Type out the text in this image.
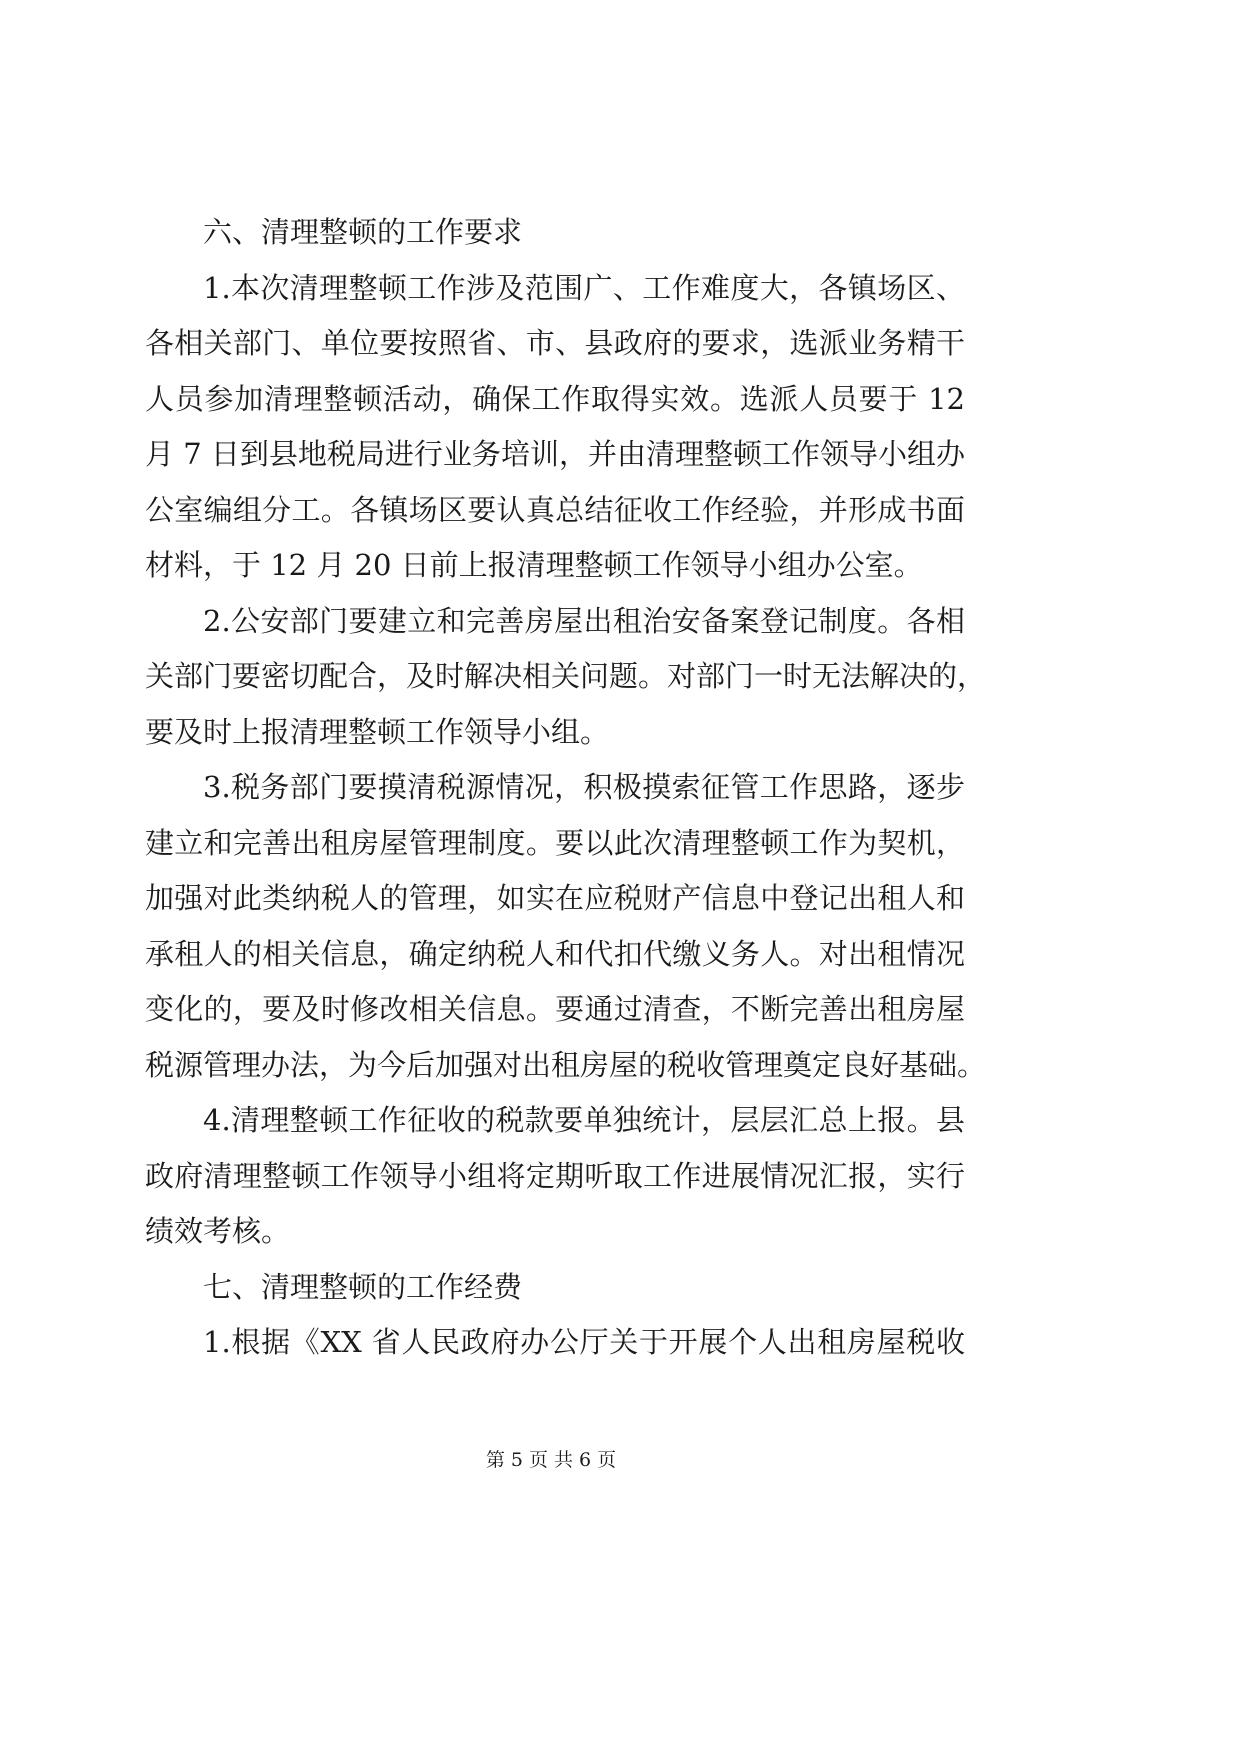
六、清理整顿的工作要求
1.本次清理整顿工作涉及范围广、工作难度大，各镇场区、
各相关部门、单位要按照省、市、县政府的要求，选派业务精干
人员参加清理整顿活动，确保工作取得实效。选派人员要于 12
月 7 日到县地税局进行业务培训，并由清理整顿工作领导小组办
公室编组分工。各镇场区要认真总结征收工作经验，并形成书面
材料，于 12 月 20 日前上报清理整顿工作领导小组办公室。
2.公安部门要建立和完善房屋出租治安备案登记制度。各相
关部门要密切配合，及时解决相关问题。对部门一时无法解决的，
要及时上报清理整顿工作领导小组。
3.税务部门要摸清税源情况，积极摸索征管工作思路，逐步
建立和完善出租房屋管理制度。要以此次清理整顿工作为契机，
加强对此类纳税人的管理，如实在应税财产信息中登记出租人和
承租人的相关信息，确定纳税人和代扣代缴义务人。对出租情况
变化的，要及时修改相关信息。要通过清查，不断完善出租房屋
税源管理办法，为今后加强对出租房屋的税收管理奠定良好基础。
4.清理整顿工作征收的税款要单独统计，层层汇总上报。县
政府清理整顿工作领导小组将定期听取工作进展情况汇报，实行
绩效考核。
七、清理整顿的工作经费
1.根据《XX 省人民政府办公厅关于开展个人出租房屋税收
第 5 页 共 6 页
